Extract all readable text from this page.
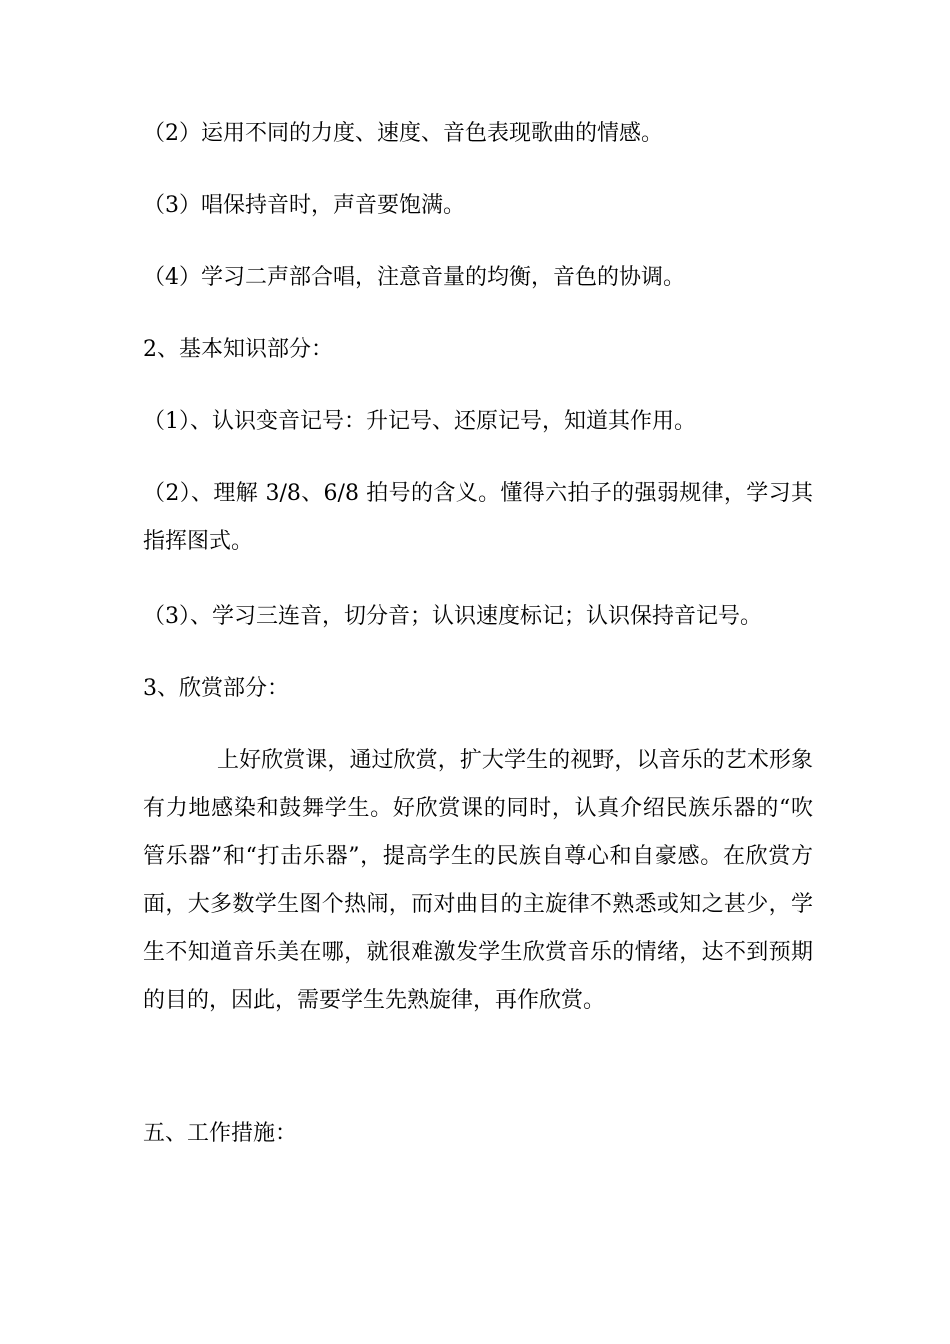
（2）运用不同的力度、速度、音色表现歌曲的情感。

（3）唱保持音时，声音要饱满。

（4）学习二声部合唱，注意音量的均衡，音色的协调。

2、基本知识部分：

（1）、认识变音记号：升记号、还原记号，知道其作用。

（2）、理解 3/8、6/8 拍号的含义。懂得六拍子的强弱规律，学习其指挥图式。

（3）、学习三连音，切分音；认识速度标记；认识保持音记号。

3、欣赏部分：

上好欣赏课，通过欣赏，扩大学生的视野，以音乐的艺术形象有力地感染和鼓舞学生。好欣赏课的同时，认真介绍民族乐器的“吹管乐器”和“打击乐器”，提高学生的民族自尊心和自豪感。在欣赏方面，大多数学生图个热闹，而对曲目的主旋律不熟悉或知之甚少，学生不知道音乐美在哪，就很难激发学生欣赏音乐的情绪，达不到预期的目的，因此，需要学生先熟旋律，再作欣赏。

五、工作措施：
